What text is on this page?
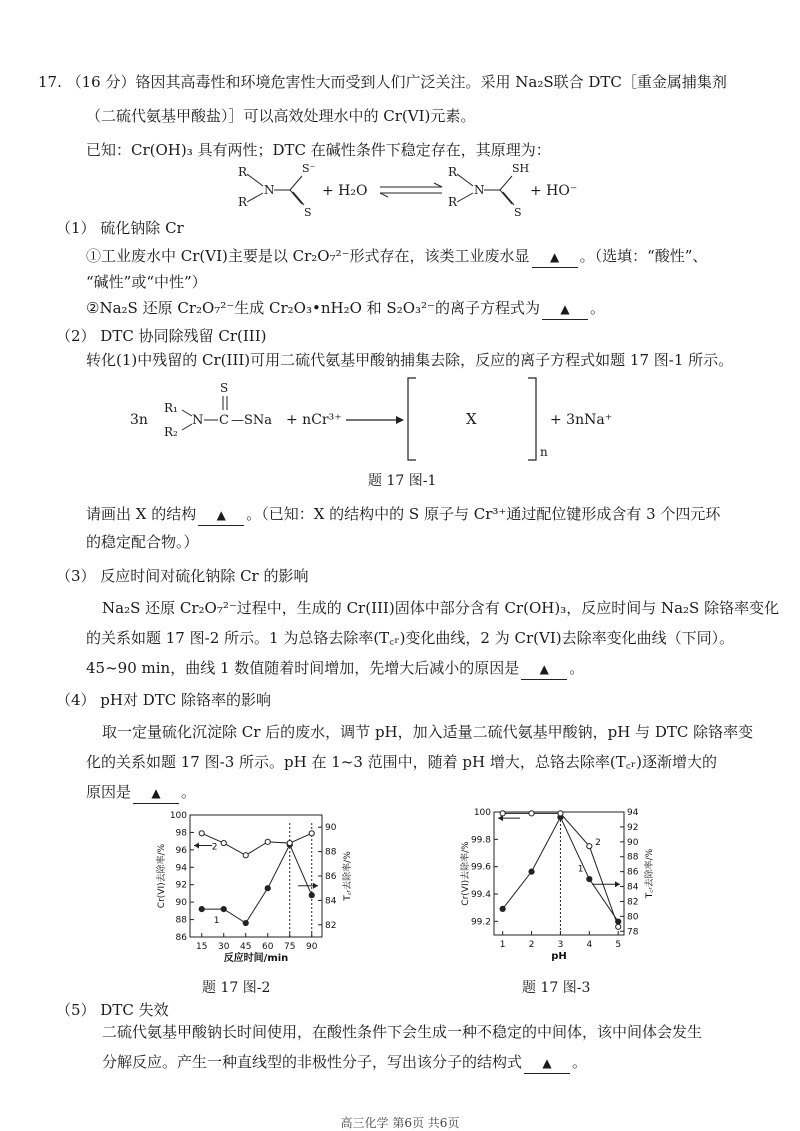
17. （16 分）铬因其高毒性和环境危害性大而受到人们广泛关注。采用 Na₂S联合 DTC［重金属捕集剂
（二硫代氨基甲酸盐）］可以高效处理水中的 Cr(VI)元素。
已知：Cr(OH)₃ 具有两性；DTC 在碱性条件下稳定存在，其原理为：
R
R
N
S⁻
S
+ H₂O
R
R
N
SH
S
+ HO⁻
（1） 硫化钠除 Cr
①工业废水中 Cr(VI)主要是以 Cr₂O₇²⁻形式存在，该类工业废水显 ▲ 。（选填：“酸性”、
“碱性”或“中性”）
②Na₂S 还原 Cr₂O₇²⁻生成 Cr₂O₃•nH₂O 和 S₂O₃²⁻的离子方程式为 ▲ 。
（2） DTC 协同除残留 Cr(III)
转化(1)中残留的 Cr(III)可用二硫代氨基甲酸钠捕集去除，反应的离子方程式如题 17 图-1 所示。
3n
R₁
R₂
N C
S
—SNa + nCr³⁺	X
n
+ 3nNa⁺
题 17 图-1
请画出 X 的结构 ▲ 。（已知：X 的结构中的 S 原子与 Cr³⁺通过配位键形成含有 3 个四元环
的稳定配合物。）
（3） 反应时间对硫化钠除 Cr 的影响
Na₂S 还原 Cr₂O₇²⁻过程中，生成的 Cr(III)固体中部分含有 Cr(OH)₃，反应时间与 Na₂S 除铬率变化
的关系如题 17 图-2 所示。1 为总铬去除率(T꜀ᵣ)变化曲线，2 为 Cr(VI)去除率变化曲线（下同）。
45~90 min，曲线 1 数值随着时间增加，先增大后减小的原因是 ▲ 。
（4） pH对 DTC 除铬率的影响
取一定量硫化沉淀除 Cr 后的废水，调节 pH，加入适量二硫代氨基甲酸钠，pH 与 DTC 除铬率变
化的关系如题 17 图-3 所示。pH 在 1~3 范围中，随着 pH 增大，总铬去除率(T꜀ᵣ)逐渐增大的
原因是 ▲ 。
86
88
90
92
94
96
98
100
82
84
86
88
90
15 30 45 60 75 90
反应时间/min
Cr(VI)去除率/%	T꜀ᵣ去除率/%
1
2
题 17 图-2
99.2
99.4
99.6
99.8
100
78
80
82
84
86
88
90
92
94
1	2	3	4	5
pH
Cr(VI)去除率/%	T꜀ᵣ去除率/%
1
2
题 17 图-3
（5） DTC 失效
二硫代氨基甲酸钠长时间使用，在酸性条件下会生成一种不稳定的中间体，该中间体会发生
分解反应。产生一种直线型的非极性分子，写出该分子的结构式 ▲ 。
高三化学 第6页 共6页
